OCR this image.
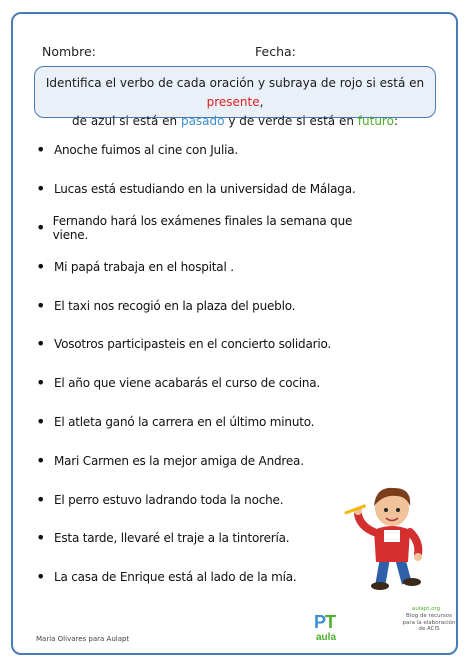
Nombre:	Fecha:
Identifica el verbo de cada oración y subraya de rojo si está en presente,
de azul si está en pasado y de verde si está en futuro:
• Anoche fuimos al cine con Julia.
• Lucas está estudiando en la universidad de Málaga.
• Fernando hará los exámenes finales la semana que viene.
• Mi papá trabaja en el hospital .
• El taxi nos recogió en la plaza del pueblo.
• Vosotros participasteis en el concierto solidario.
• El año que viene acabarás el curso de cocina.
• El atleta ganó la carrera en el último minuto.
• Mari Carmen es la mejor amiga de Andrea.
• El perro estuvo ladrando toda la noche.
• Esta tarde, llevaré el traje a la tintorería.
• La casa de Enrique está al lado de la mía.
P
T
aula
aulapt.org
Blog de recursos para la elaboración de ACIS
Maria Olivares para Aulapt
